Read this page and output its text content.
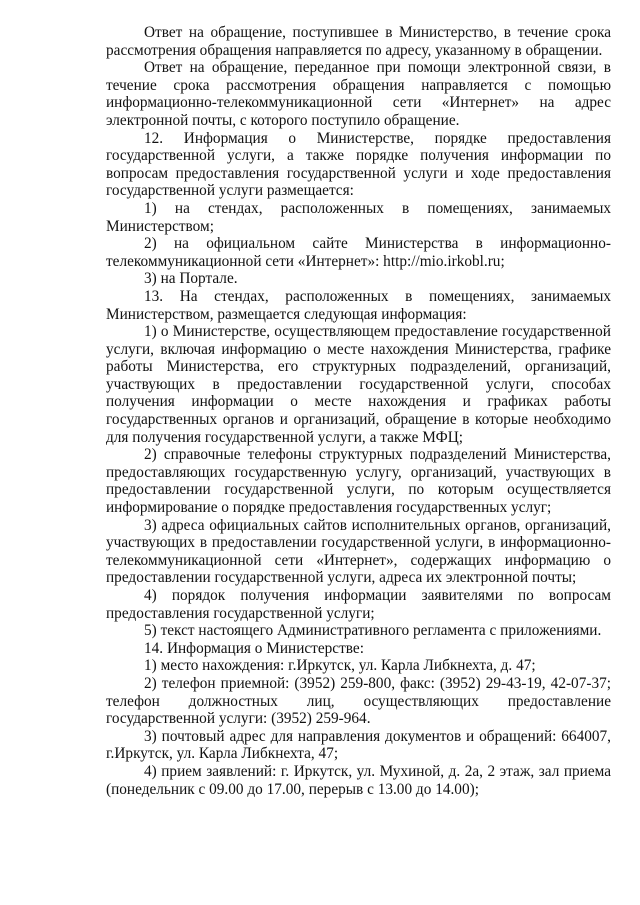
Ответ на обращение, поступившее в Министерство, в течение срока рассмотрения обращения направляется по адресу, указанному в обращении.

Ответ на обращение, переданное при помощи электронной связи, в течение срока рассмотрения обращения направляется с помощью информационно-телекоммуникационной сети «Интернет» на адрес электронной почты, с которого поступило обращение.

12. Информация о Министерстве, порядке предоставления государственной услуги, а также порядке получения информации по вопросам предоставления государственной услуги и ходе предоставления государственной услуги размещается:

1) на стендах, расположенных в помещениях, занимаемых Министерством;

2) на официальном сайте Министерства в информационно-телекоммуникационной сети «Интернет»: http://mio.irkobl.ru;

3) на Портале.

13. На стендах, расположенных в помещениях, занимаемых Министерством, размещается следующая информация:

1) о Министерстве, осуществляющем предоставление государственной услуги, включая информацию о месте нахождения Министерства, графике работы Министерства, его структурных подразделений, организаций, участвующих в предоставлении государственной услуги, способах получения информации о месте нахождения и графиках работы государственных органов и организаций, обращение в которые необходимо для получения государственной услуги, а также МФЦ;

2) справочные телефоны структурных подразделений Министерства, предоставляющих государственную услугу, организаций, участвующих в предоставлении государственной услуги, по которым осуществляется информирование о порядке предоставления государственных услуг;

3) адреса официальных сайтов исполнительных органов, организаций, участвующих в предоставлении государственной услуги, в информационно-телекоммуникационной сети «Интернет», содержащих информацию о предоставлении государственной услуги, адреса их электронной почты;

4) порядок получения информации заявителями по вопросам предоставления государственной услуги;

5) текст настоящего Административного регламента с приложениями.

14. Информация о Министерстве:

1) место нахождения: г.Иркутск, ул. Карла Либкнехта, д. 47;

2) телефон приемной: (3952) 259-800, факс: (3952) 29-43-19, 42-07-37; телефон должностных лиц, осуществляющих предоставление государственной услуги: (3952) 259-964.

3) почтовый адрес для направления документов и обращений: 664007, г.Иркутск, ул. Карла Либкнехта, 47;

4) прием заявлений: г. Иркутск, ул. Мухиной, д. 2а, 2 этаж, зал приема (понедельник с 09.00 до 17.00, перерыв с 13.00 до 14.00);
